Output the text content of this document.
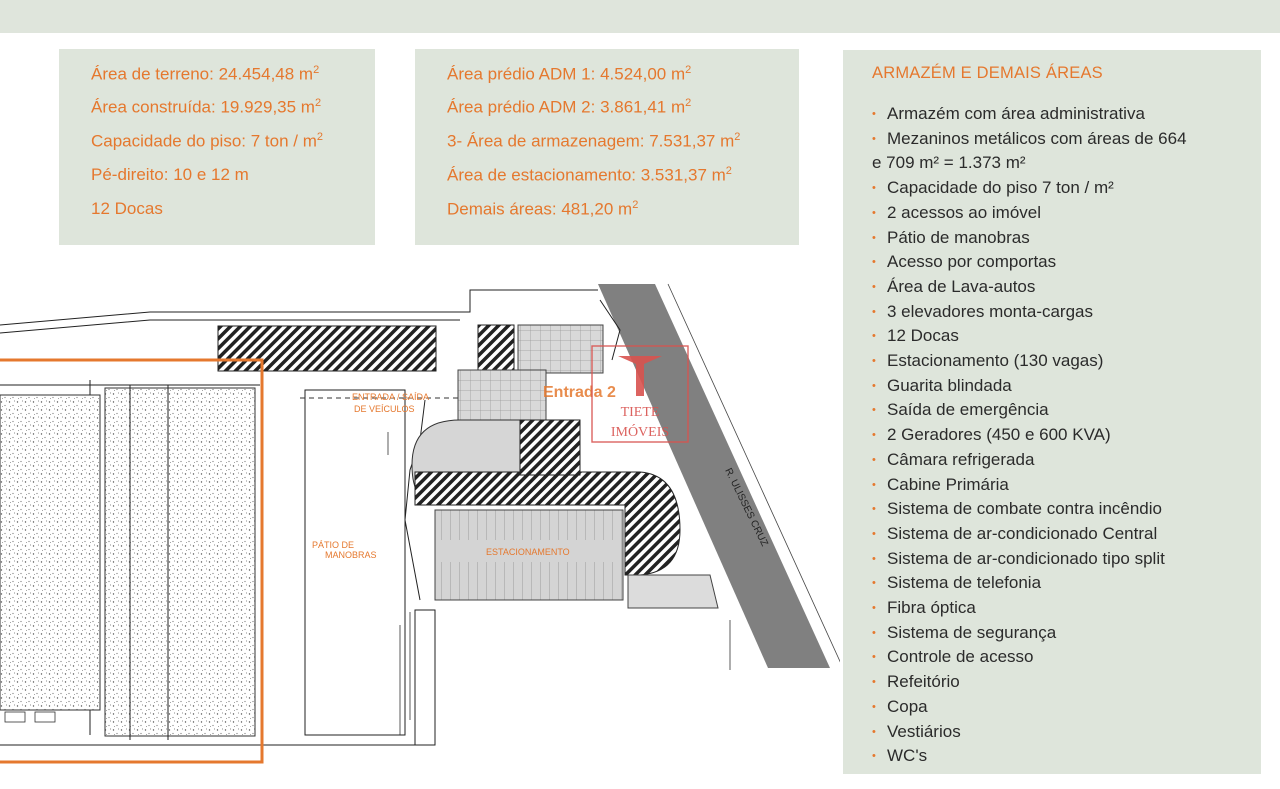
Área de terreno: 24.454,48 $m^2$
Área construída: 19.929,35 $m^2$
Capacidade do piso: 7 ton / $m^2$
Pé-direito: 10 e 12 m
12 Docas
Área prédio ADM 1: 4.524,00 $m^2$
Área prédio ADM 2: 3.861,41 $m^2$
3- Área de armazenagem: 7.531,37 $m^2$
Área de estacionamento: 3.531,37 $m^2$
Demais áreas: 481,20 $m^2$
ARMAZÉM E DEMAIS ÁREAS
• Armazém com área administrativa
• Mezaninos metálicos com áreas de 664
e 709 m² = 1.373 m²
• Capacidade do piso 7 ton / m²
• 2 acessos ao imóvel
• Pátio de manobras
• Acesso por comportas
• Área de Lava-autos
• 3 elevadores monta-cargas
• 12 Docas
• Estacionamento (130 vagas)
• Guarita blindada
• Saída de emergência
• 2 Geradores (450 e 600 KVA)
• Câmara refrigerada
• Cabine Primária
• Sistema de combate contra incêndio
• Sistema de ar-condicionado Central
• Sistema de ar-condicionado tipo split
• Sistema de telefonia
• Fibra óptica
• Sistema de segurança
• Controle de acesso
• Refeitório
• Copa
• Vestiários
• WC's
R. ULISSES CRUZ
ENTRADA / SAÍDA
DE VEÍCULOS
PÁTIO DE
MANOBRAS	ESTACIONAMENTO
Entrada 2
TIETE
IMÓVEIS
